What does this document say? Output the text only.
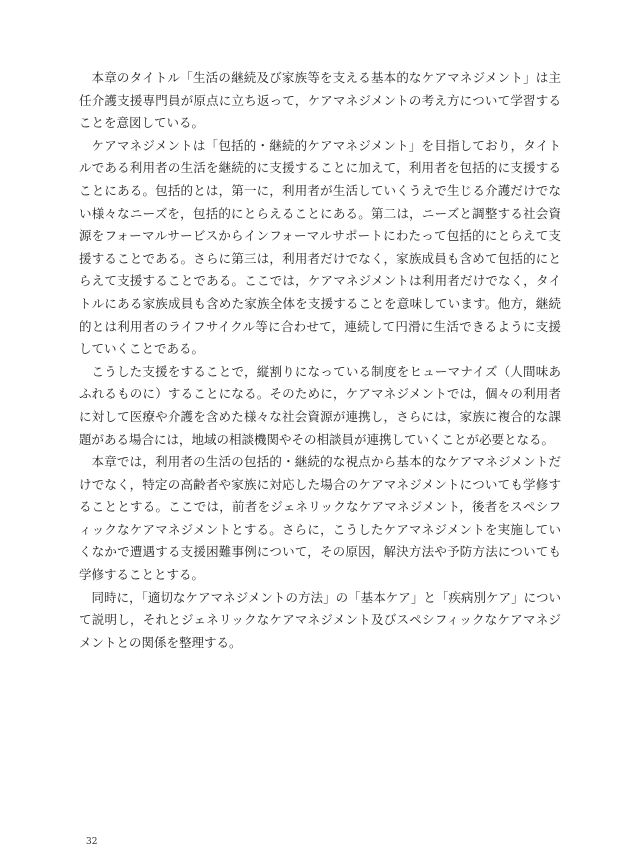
本章のタイトル「生活の継続及び家族等を支える基本的なケアマネジメント」は主任介護支援専門員が原点に立ち返って，ケアマネジメントの考え方について学習することを意図している。

ケアマネジメントは「包括的・継続的ケアマネジメント」を目指しており，タイトルである利用者の生活を継続的に支援することに加えて，利用者を包括的に支援することにある。包括的とは，第一に，利用者が生活していくうえで生じる介護だけでない様々なニーズを，包括的にとらえることにある。第二は，ニーズと調整する社会資源をフォーマルサービスからインフォーマルサポートにわたって包括的にとらえて支援することである。さらに第三は，利用者だけでなく，家族成員も含めて包括的にとらえて支援することである。ここでは，ケアマネジメントは利用者だけでなく，タイトルにある家族成員も含めた家族全体を支援することを意味しています。他方，継続的とは利用者のライフサイクル等に合わせて，連続して円滑に生活できるように支援していくことである。

こうした支援をすることで，縦割りになっている制度をヒューマナイズ（人間味あふれるものに）することになる。そのために，ケアマネジメントでは，個々の利用者に対して医療や介護を含めた様々な社会資源が連携し，さらには，家族に複合的な課題がある場合には，地域の相談機関やその相談員が連携していくことが必要となる。

本章では，利用者の生活の包括的・継続的な視点から基本的なケアマネジメントだけでなく，特定の高齢者や家族に対応した場合のケアマネジメントについても学修することとする。ここでは，前者をジェネリックなケアマネジメント，後者をスペシフィックなケアマネジメントとする。さらに，こうしたケアマネジメントを実施していくなかで遭遇する支援困難事例について，その原因，解決方法や予防方法についても学修することとする。

同時に，「適切なケアマネジメントの方法」の「基本ケア」と「疾病別ケア」について説明し，それとジェネリックなケアマネジメント及びスペシフィックなケアマネジメントとの関係を整理する。

32
